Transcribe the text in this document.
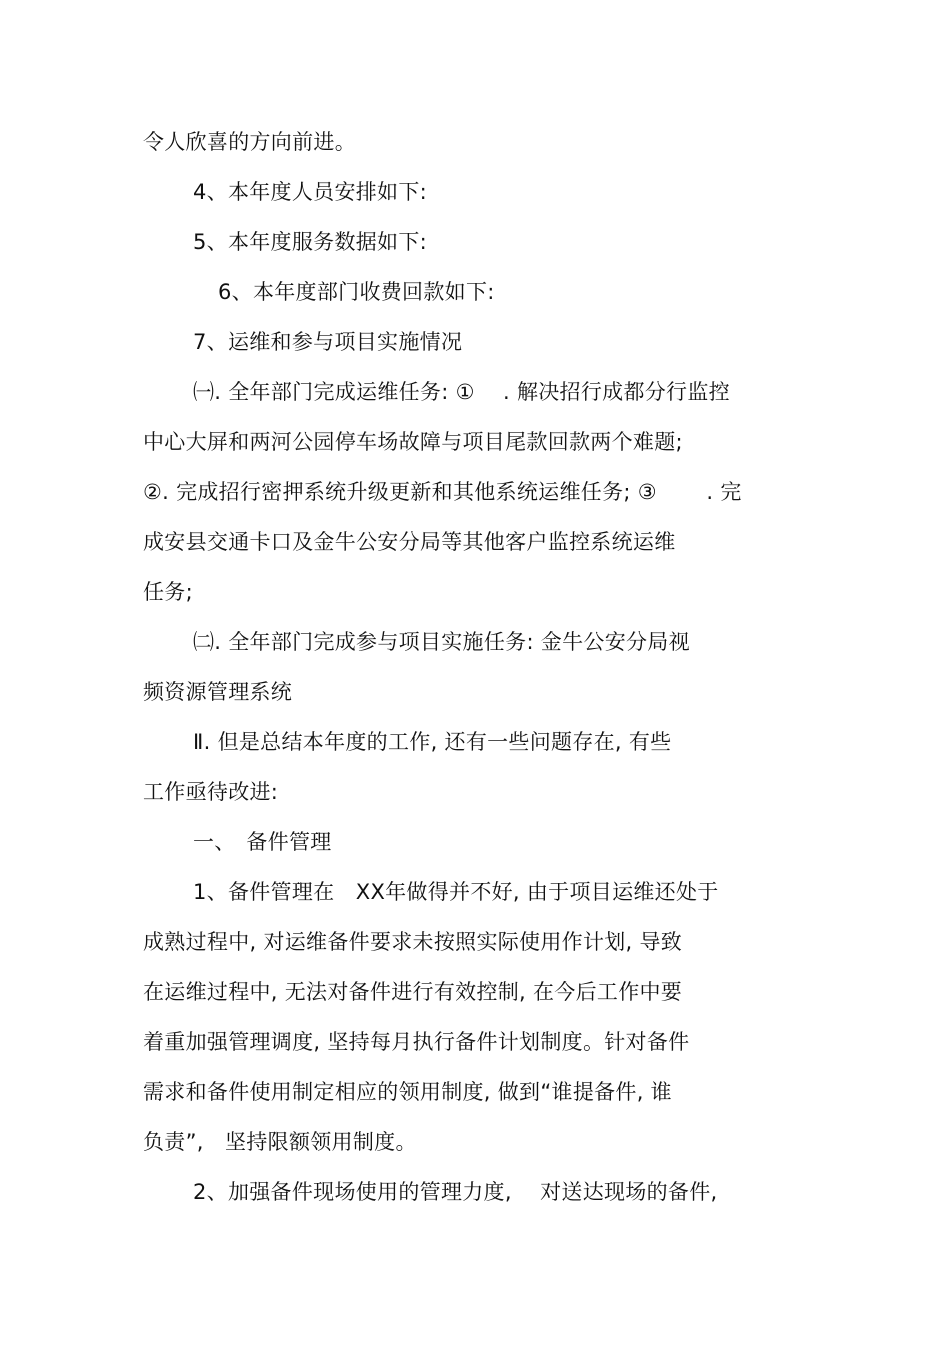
令人欣喜的方向前进。
4、本年度人员安排如下:
5、本年度服务数据如下:
6、本年度部门收费回款如下:
7、运维和参与项目实施情况
㈠. 全年部门完成运维任务: ①　 . 解决招行成都分行监控
中心大屏和两河公园停车场故障与项目尾款回款两个难题;
②. 完成招行密押系统升级更新和其他系统运维任务; ③　　 . 完
成安县交通卡口及金牛公安分局等其他客户监控系统运维
任务;
㈡. 全年部门完成参与项目实施任务: 金牛公安分局视
频资源管理系统
Ⅱ. 但是总结本年度的工作, 还有一些问题存在, 有些
工作亟待改进:
一、　备件管理
1、备件管理在　XX年做得并不好, 由于项目运维还处于
成熟过程中, 对运维备件要求未按照实际使用作计划, 导致
在运维过程中, 无法对备件进行有效控制, 在今后工作中要
着重加强管理调度, 坚持每月执行备件计划制度。针对备件
需求和备件使用制定相应的领用制度, 做到“谁提备件, 谁
负责”,　坚持限额领用制度。
2、加强备件现场使用的管理力度,　 对送达现场的备件,
